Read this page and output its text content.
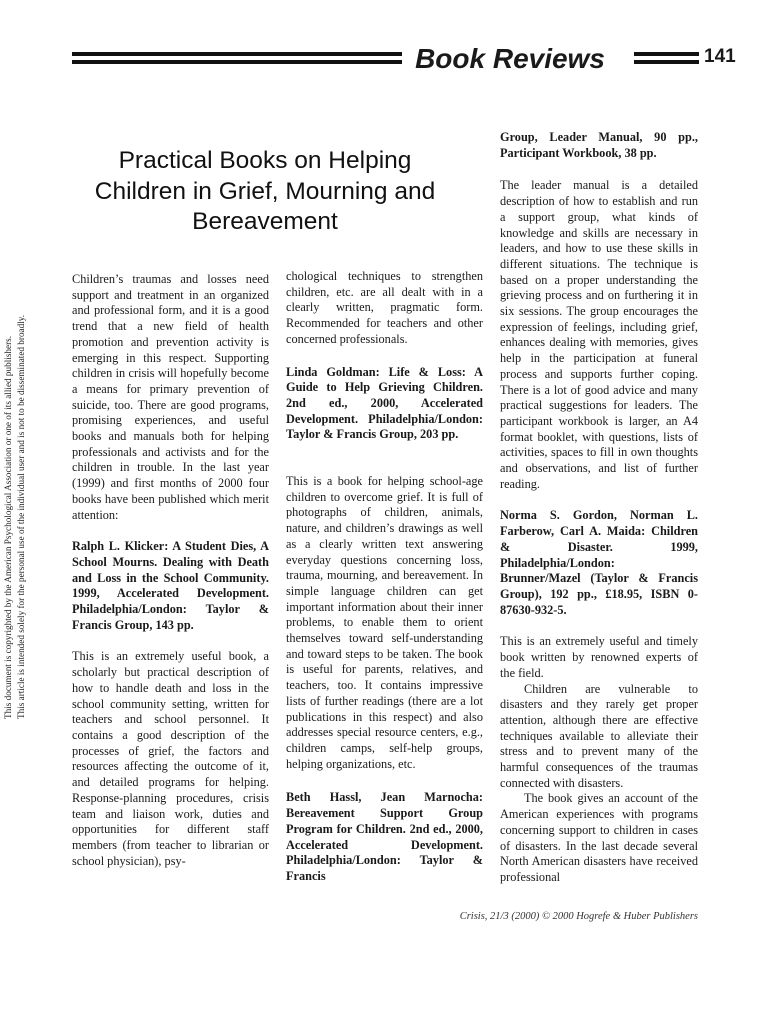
Book Reviews	141
Practical Books on Helping Children in Grief, Mourning and Bereavement

Children’s traumas and losses need support and treatment in an organized and professional form, and it is a good trend that a new field of health promotion and prevention activity is emerging in this respect. Supporting children in crisis will hopefully become a means for primary prevention of suicide, too. There are good programs, promising experiences, and useful books and manuals both for helping professionals and activists and for the children in trouble. In the last year (1999) and first months of 2000 four books have been published which merit attention:

Ralph L. Klicker: A Student Dies, A School Mourns. Dealing with Death and Loss in the School Community. 1999, Accelerated Development. Philadelphia/London: Taylor & Francis Group, 143 pp.

This is an extremely useful book, a scholarly but practical description of how to handle death and loss in the school community setting, written for teachers and school personnel. It contains a good description of the processes of grief, the factors and resources affecting the outcome of it, and detailed programs for helping. Response-planning procedures, crisis team and liaison work, duties and opportunities for different staff members (from teacher to librarian or school physician), psy-

chological techniques to strengthen children, etc. are all dealt with in a clearly written, pragmatic form. Recommended for teachers and other concerned professionals.

Linda Goldman: Life & Loss: A Guide to Help Grieving Children. 2nd ed., 2000, Accelerated Development. Philadelphia/London: Taylor & Francis Group, 203 pp.

This is a book for helping school-age children to overcome grief. It is full of photographs of children, animals, nature, and children’s drawings as well as a clearly written text answering everyday questions concerning loss, trauma, mourning, and bereavement. In simple language children can get important information about their inner problems, to enable them to orient themselves toward self-understanding and toward steps to be taken. The book is useful for parents, relatives, and teachers, too. It contains impressive lists of further readings (there are a lot publications in this respect) and also addresses special resource centers, e.g., children camps, self-help groups, helping organizations, etc.

Beth Hassl, Jean Marnocha: Bereavement Support Group Program for Children. 2nd ed., 2000, Accelerated Development. Philadelphia/London: Taylor & Francis

Group, Leader Manual, 90 pp., Participant Workbook, 38 pp.

The leader manual is a detailed description of how to establish and run a support group, what kinds of knowledge and skills are necessary in leaders, and how to use these skills in different situations. The technique is based on a proper understanding the grieving process and on furthering it in six sessions. The group encourages the expression of feelings, including grief, enhances dealing with memories, gives help in the participation at funeral process and supports further coping. There is a lot of good advice and many practical suggestions for leaders. The participant workbook is larger, an A4 format booklet, with questions, lists of activities, spaces to fill in own thoughts and observations, and list of further reading.

Norma S. Gordon, Norman L. Farberow, Carl A. Maida: Children & Disaster. 1999, Philadelphia/London: Brunner/Mazel (Taylor & Francis Group), 192 pp., £18.95, ISBN 0-87630-932-5.

This is an extremely useful and timely book written by renowned experts of the field.

Children are vulnerable to disasters and they rarely get proper attention, although there are effective techniques available to alleviate their stress and to prevent many of the harmful consequences of the traumas connected with disasters.

The book gives an account of the American experiences with programs concerning support to children in cases of disasters. In the last decade several North American disasters have received professional

This document is copyrighted by the American Psychological Association or one of its allied publishers. This article is intended solely for the personal use of the individual user and is not to be disseminated broadly.
Crisis, 21/3 (2000) © 2000 Hogrefe & Huber Publishers
